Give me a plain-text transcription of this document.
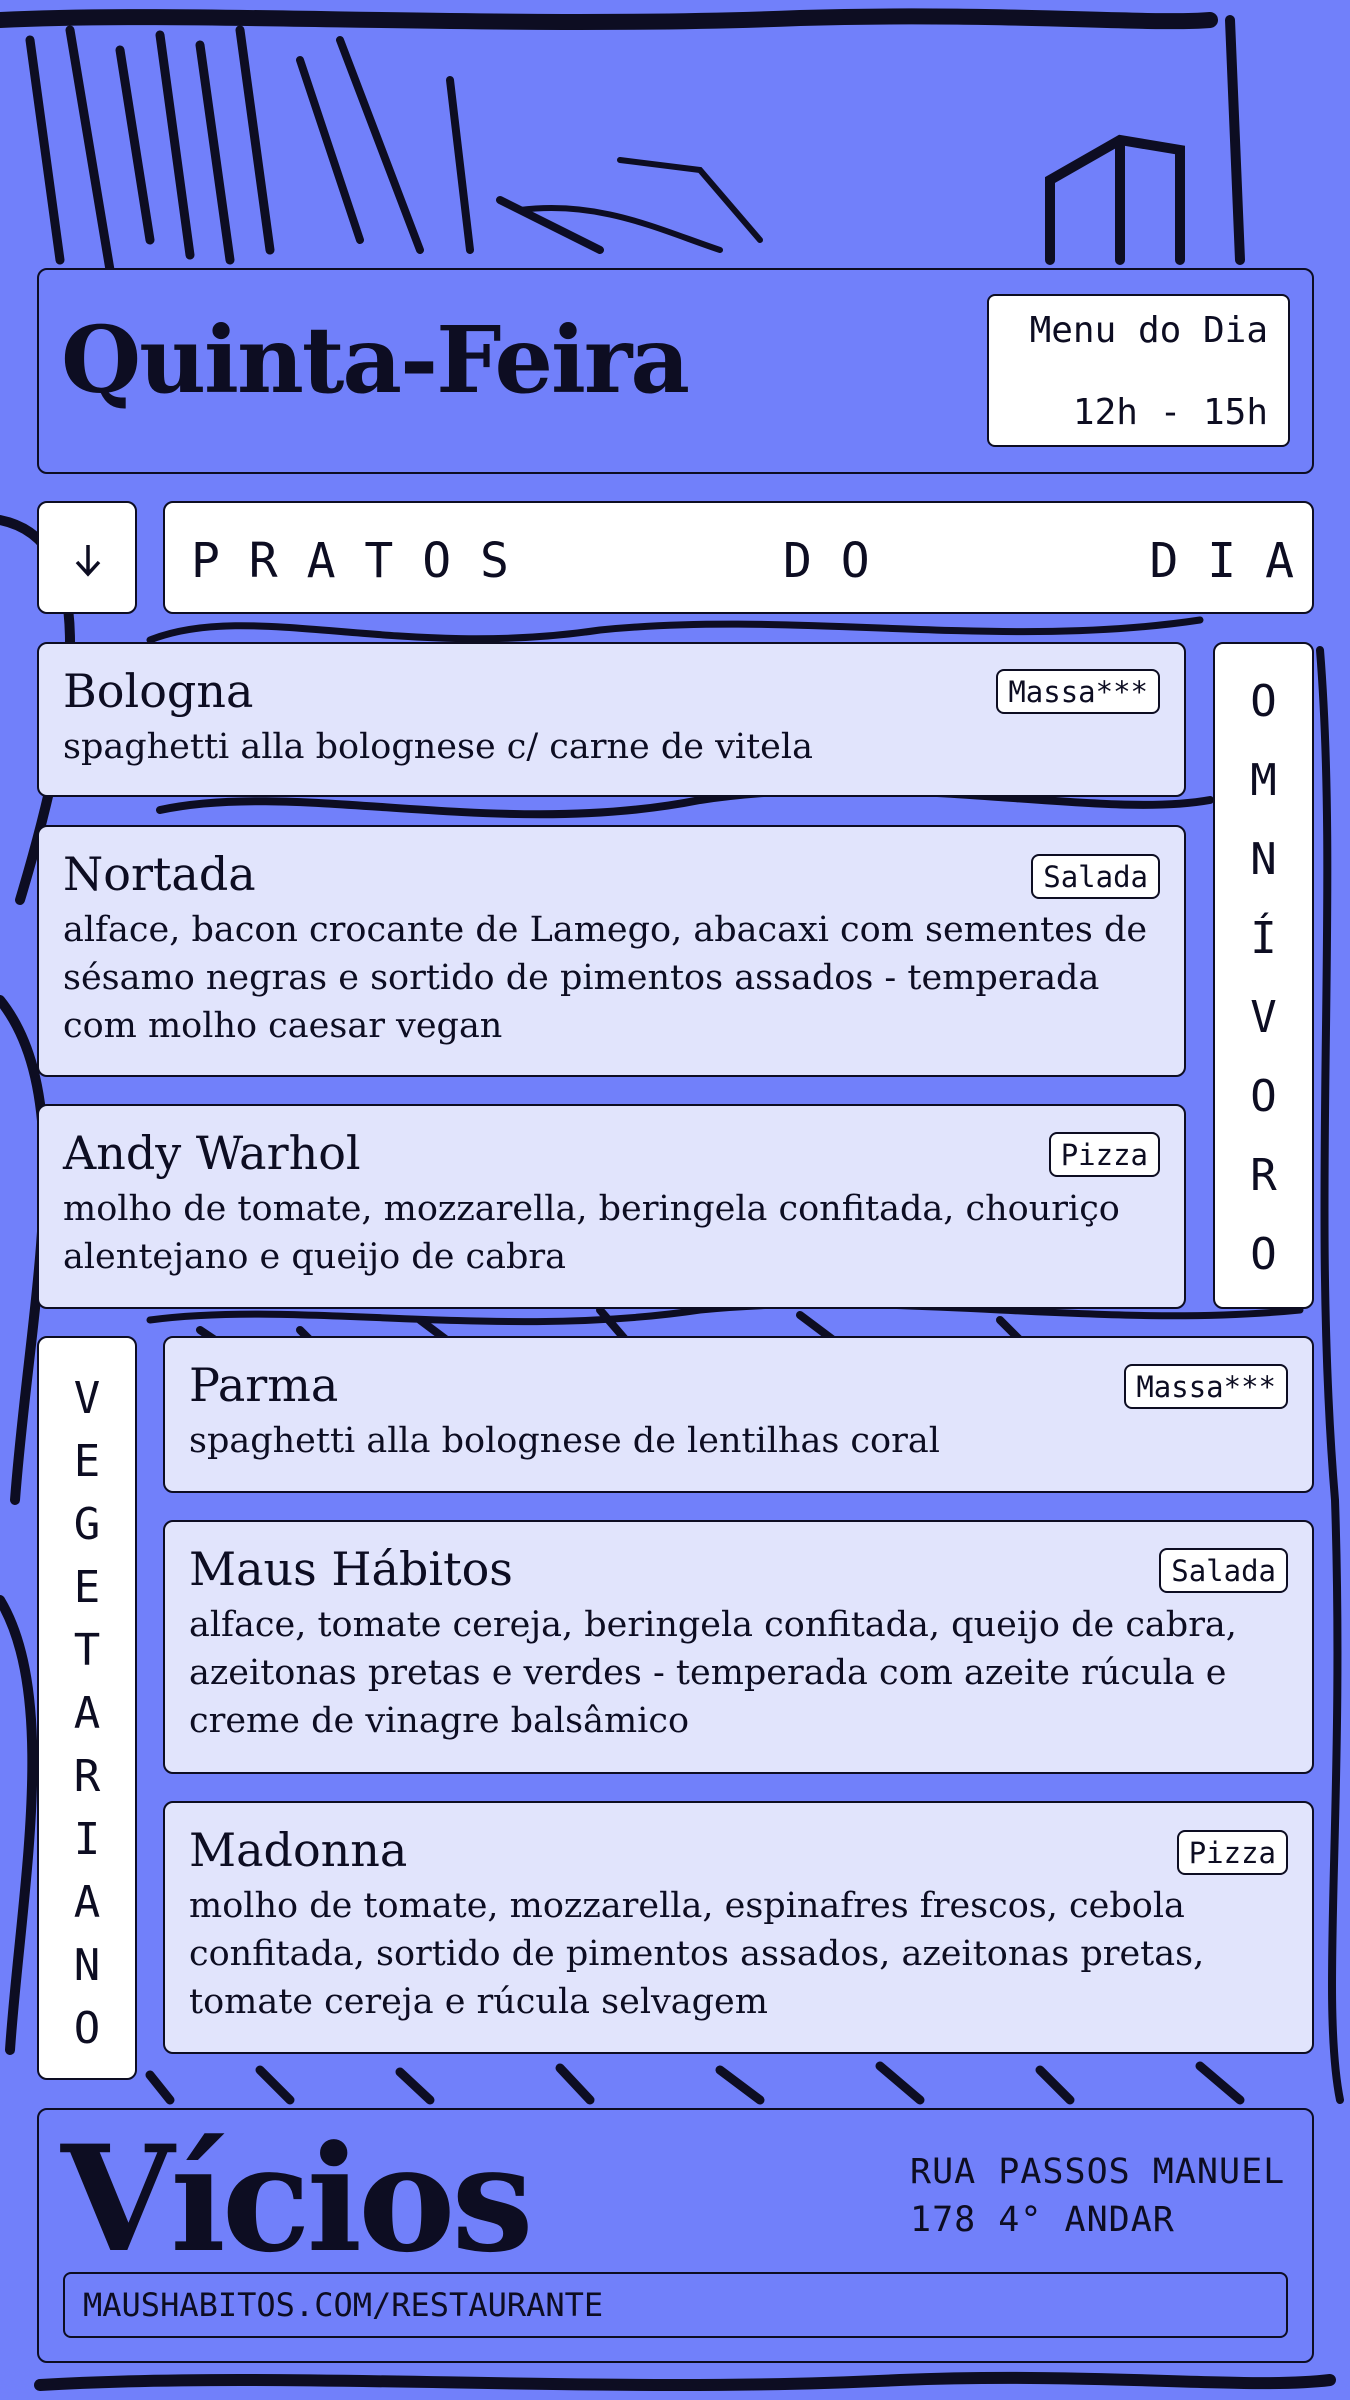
Quinta-Feira	Menu do Dia
12h - 15h
P R A T O S	D O	D I A
Bologna	Massa***
spaghetti alla bolognese c/ carne de vitela
Nortada	Salada
alface, bacon crocante de Lamego, abacaxi com sementes de sésamo negras e sortido de pimentos assados - temperada com molho caesar vegan
Andy Warhol	Pizza
molho de tomate, mozzarella, beringela confitada, chouriço alentejano e queijo de cabra
O
M
N
Í
V
O
R
O
V
E
G
E
T
A
R
I
A
N
O
Parma	Massa***
spaghetti alla bolognese de lentilhas coral
Maus Hábitos	Salada
alface, tomate cereja, beringela confitada, queijo de cabra, azeitonas pretas e verdes - temperada com azeite rúcula e creme de vinagre balsâmico
Madonna	Pizza
molho de tomate, mozzarella, espinafres frescos, cebola confitada, sortido de pimentos assados, azeitonas pretas, tomate cereja e rúcula selvagem
Vícios	RUA PASSOS MANUEL
178 4° ANDAR
MAUSHABITOS.COM/RESTAURANTE
